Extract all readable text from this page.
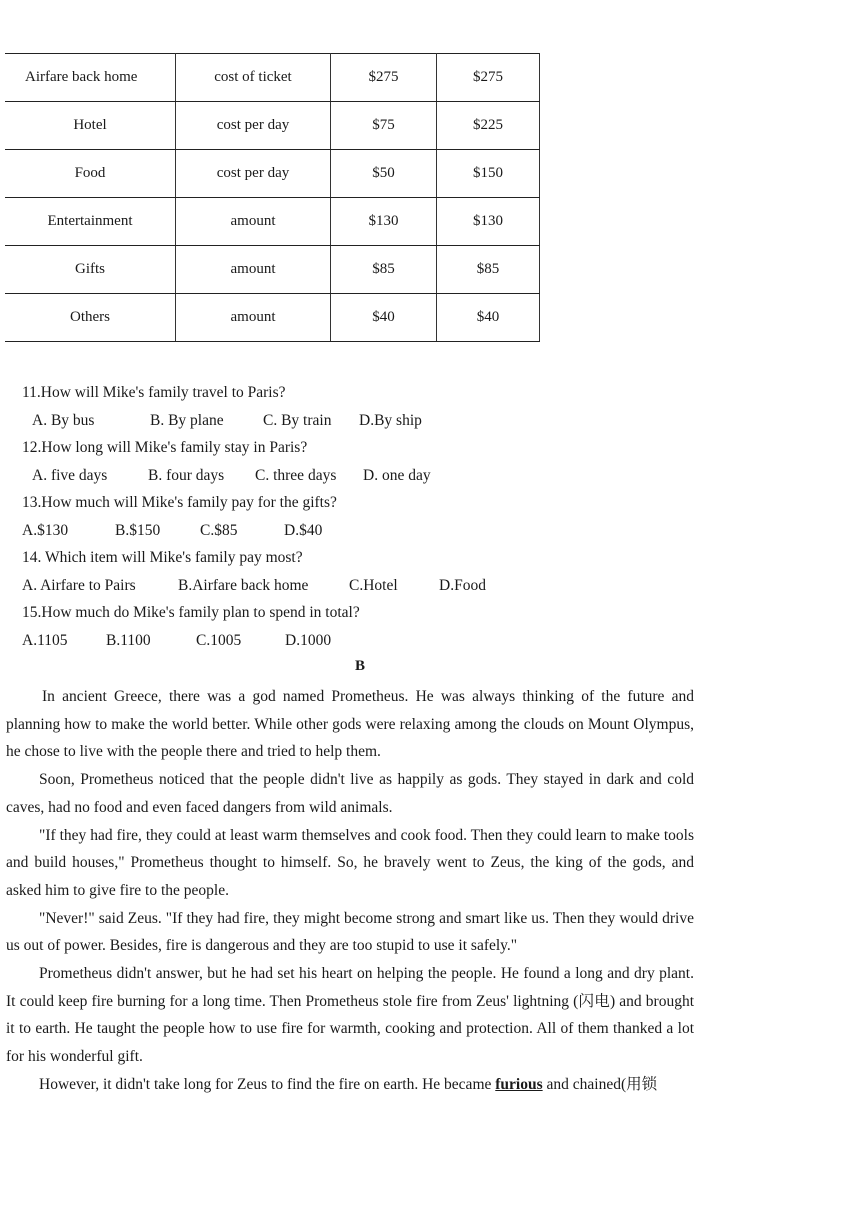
Airfare back home	cost of ticket	$275	$275
Hotel	cost per day	$75	$225
Food	cost per day	$50	$150
Entertainment	amount	$130	$130
Gifts	amount	$85	$85
Others	amount	$40	$40
11.How will Mike's family travel to Paris?
A. By bus	B. By plane	C. By train D.By ship
12.How long will Mike's family stay in Paris?
A. five days	B. four days C. three days D. one day
13.How much will Mike's family pay for the gifts?
A.$130	B.$150	C.$85	D.$40
14. Which item will Mike's family pay most?
A. Airfare to Pairs	B.Airfare back home	C.Hotel	D.Food
15.How much do Mike's family plan to spend in total?
A.1105 B.1100	C.1005	D.1000
B

In ancient Greece, there was a god named Prometheus. He was always thinking of the future and planning how to make the world better. While other gods were relaxing among the clouds on Mount Olympus, he chose to live with the people there and tried to help them.

Soon, Prometheus noticed that the people didn't live as happily as gods. They stayed in dark and cold caves, had no food and even faced dangers from wild animals.

"If they had fire, they could at least warm themselves and cook food. Then they could learn to make tools and build houses," Prometheus thought to himself. So, he bravely went to Zeus, the king of the gods, and asked him to give fire to the people.

"Never!" said Zeus. "If they had fire, they might become strong and smart like us. Then they would drive us out of power. Besides, fire is dangerous and they are too stupid to use it safely."

Prometheus didn't answer, but he had set his heart on helping the people. He found a long and dry plant. It could keep fire burning for a long time. Then Prometheus stole fire from Zeus' lightning (闪电) and brought it to earth. He taught the people how to use fire for warmth, cooking and protection. All of them thanked a lot for his wonderful gift.

However, it didn't take long for Zeus to find the fire on earth. He became furious and chained(用锁
